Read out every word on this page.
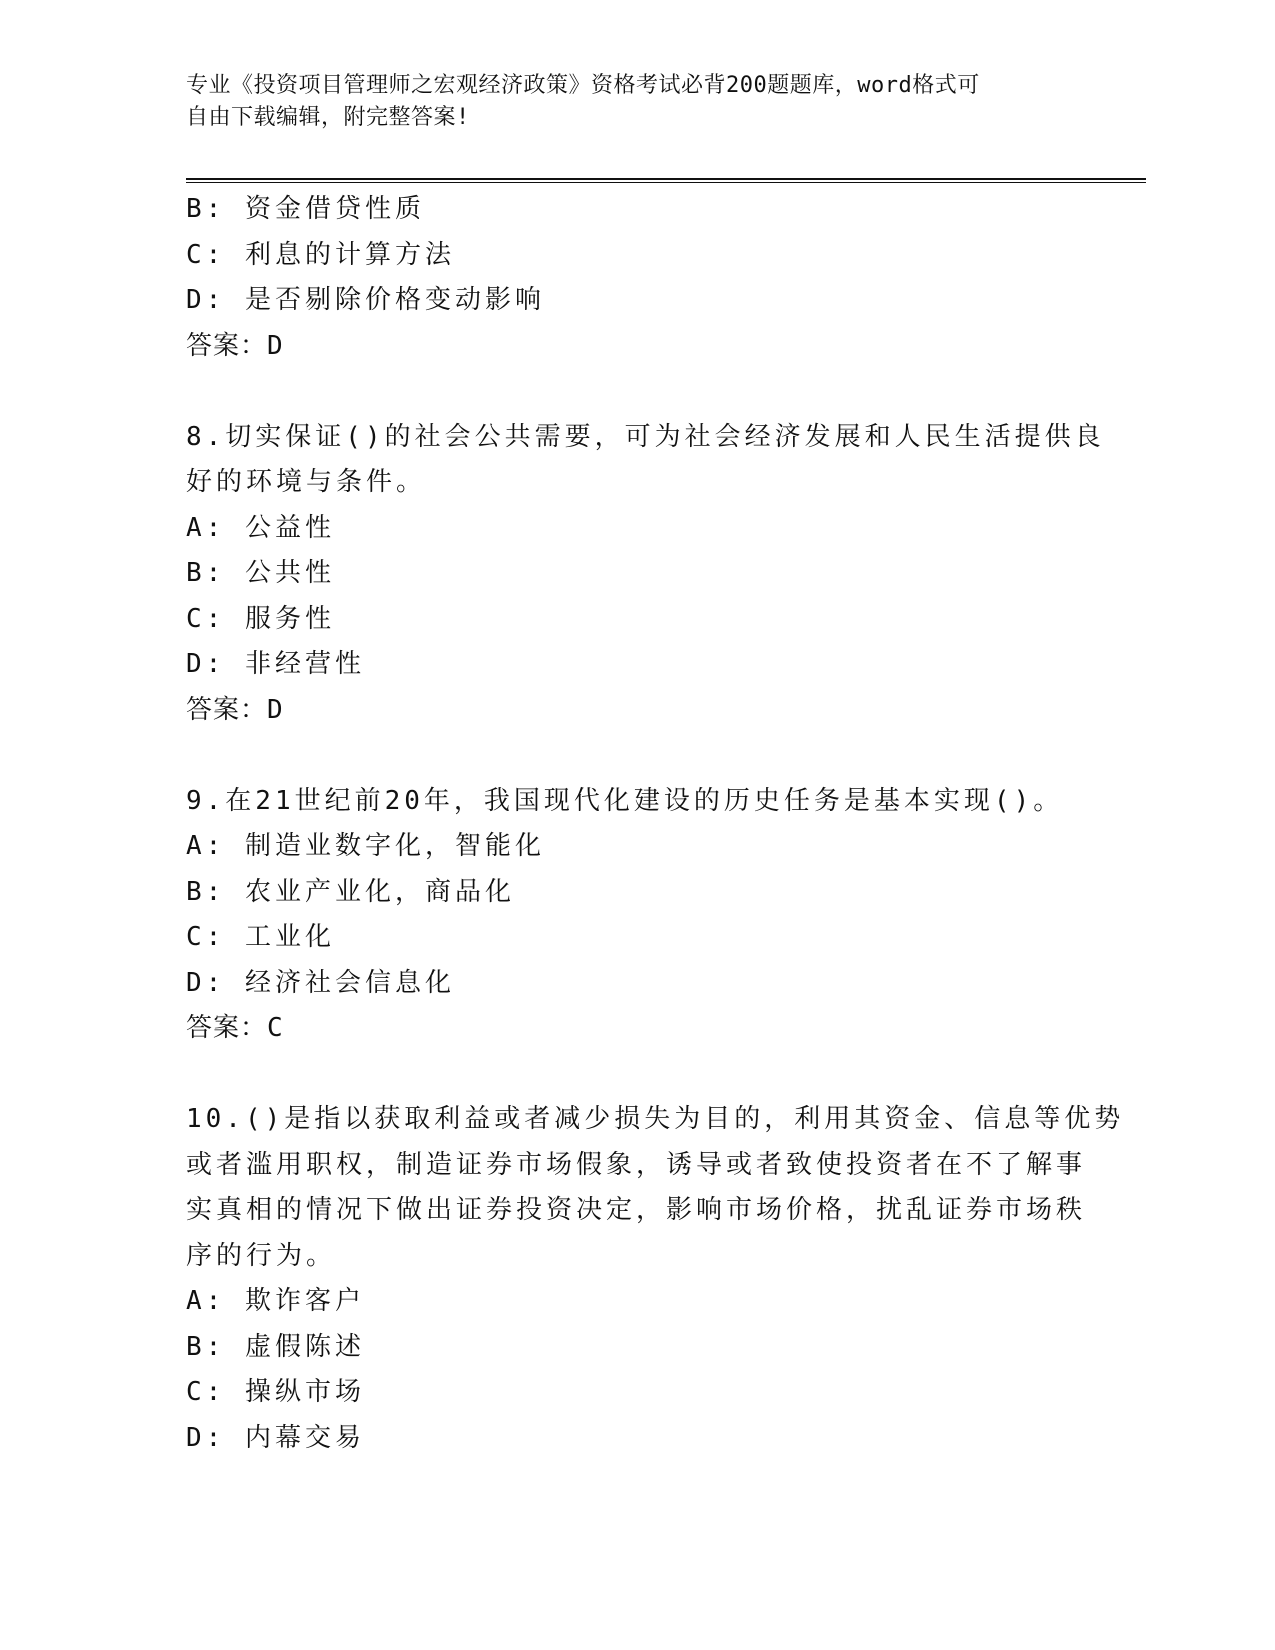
专业《投资项目管理师之宏观经济政策》资格考试必背200题题库，word格式可
自由下载编辑，附完整答案!
B: 资金借贷性质
C: 利息的计算方法
D: 是否剔除价格变动影响
答案：D
8.切实保证()的社会公共需要，可为社会经济发展和人民生活提供良
好的环境与条件。
A: 公益性
B: 公共性
C: 服务性
D: 非经营性
答案：D
9.在21世纪前20年，我国现代化建设的历史任务是基本实现()。
A: 制造业数字化，智能化
B: 农业产业化，商品化
C: 工业化
D: 经济社会信息化
答案：C
10.()是指以获取利益或者减少损失为目的，利用其资金、信息等优势
或者滥用职权，制造证券市场假象，诱导或者致使投资者在不了解事
实真相的情况下做出证券投资决定，影响市场价格，扰乱证券市场秩
序的行为。
A: 欺诈客户
B: 虚假陈述
C: 操纵市场
D: 内幕交易
